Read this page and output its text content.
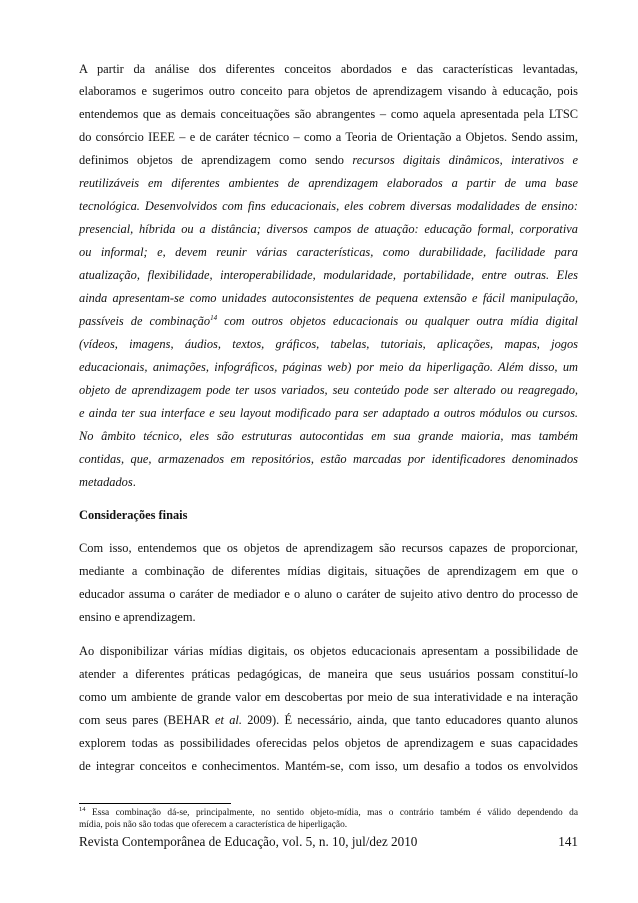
A partir da análise dos diferentes conceitos abordados e das características levantadas,
elaboramos e sugerimos outro conceito para objetos de aprendizagem visando à educação, pois
entendemos que as demais conceituações são abrangentes – como aquela apresentada pela LTSC
do consórcio IEEE – e de caráter técnico – como a Teoria de Orientação a Objetos. Sendo assim,
definimos objetos de aprendizagem como sendo recursos digitais dinâmicos, interativos e
reutilizáveis em diferentes ambientes de aprendizagem elaborados a partir de uma base
tecnológica. Desenvolvidos com fins educacionais, eles cobrem diversas modalidades de ensino:
presencial, híbrida ou a distância; diversos campos de atuação: educação formal, corporativa
ou informal; e, devem reunir várias características, como durabilidade, facilidade para
atualização, flexibilidade, interoperabilidade, modularidade, portabilidade, entre outras. Eles
ainda apresentam-se como unidades autoconsistentes de pequena extensão e fácil manipulação,
passíveis de combinação$^{14}$ com outros objetos educacionais ou qualquer outra mídia digital
(vídeos, imagens, áudios, textos, gráficos, tabelas, tutoriais, aplicações, mapas, jogos
educacionais, animações, infográficos, páginas web) por meio da hiperligação. Além disso, um
objeto de aprendizagem pode ter usos variados, seu conteúdo pode ser alterado ou reagregado,
e ainda ter sua interface e seu layout modificado para ser adaptado a outros módulos ou cursos.
No âmbito técnico, eles são estruturas autocontidas em sua grande maioria, mas também
contidas, que, armazenados em repositórios, estão marcadas por identificadores denominados
metadados.
Considerações finais
Com isso, entendemos que os objetos de aprendizagem são recursos capazes de proporcionar,
mediante a combinação de diferentes mídias digitais, situações de aprendizagem em que o
educador assuma o caráter de mediador e o aluno o caráter de sujeito ativo dentro do processo de
ensino e aprendizagem.
Ao disponibilizar várias mídias digitais, os objetos educacionais apresentam a possibilidade de
atender a diferentes práticas pedagógicas, de maneira que seus usuários possam constituí-lo
como um ambiente de grande valor em descobertas por meio de sua interatividade e na interação
com seus pares (BEHAR et al. 2009). É necessário, ainda, que tanto educadores quanto alunos
explorem todas as possibilidades oferecidas pelos objetos de aprendizagem e suas capacidades
de integrar conceitos e conhecimentos. Mantém-se, com isso, um desafio a todos os envolvidos
$^{14}$ Essa combinação dá-se, principalmente, no sentido objeto-mídia, mas o contrário também é válido dependendo da
mídia, pois não são todas que oferecem a característica de hiperligação.
Revista Contemporânea de Educação, vol. 5, n. 10, jul/dez 2010	141
